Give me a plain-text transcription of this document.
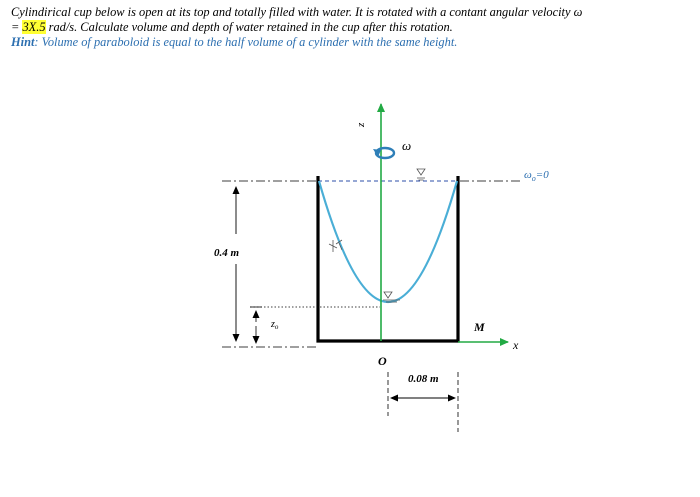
Cylindirical cup below is open at its top and totally filled with water. It is rotated with a contant angular velocity ω
= 3X.5 rad/s. Calculate volume and depth of water retained in the cup after this rotation.
Hint: Volume of paraboloid is equal to the half volume of a cylinder with the same height.
z
ω
$\omega_o=0$
0.4 m
$z_o$	M
x
O
0.08 m
